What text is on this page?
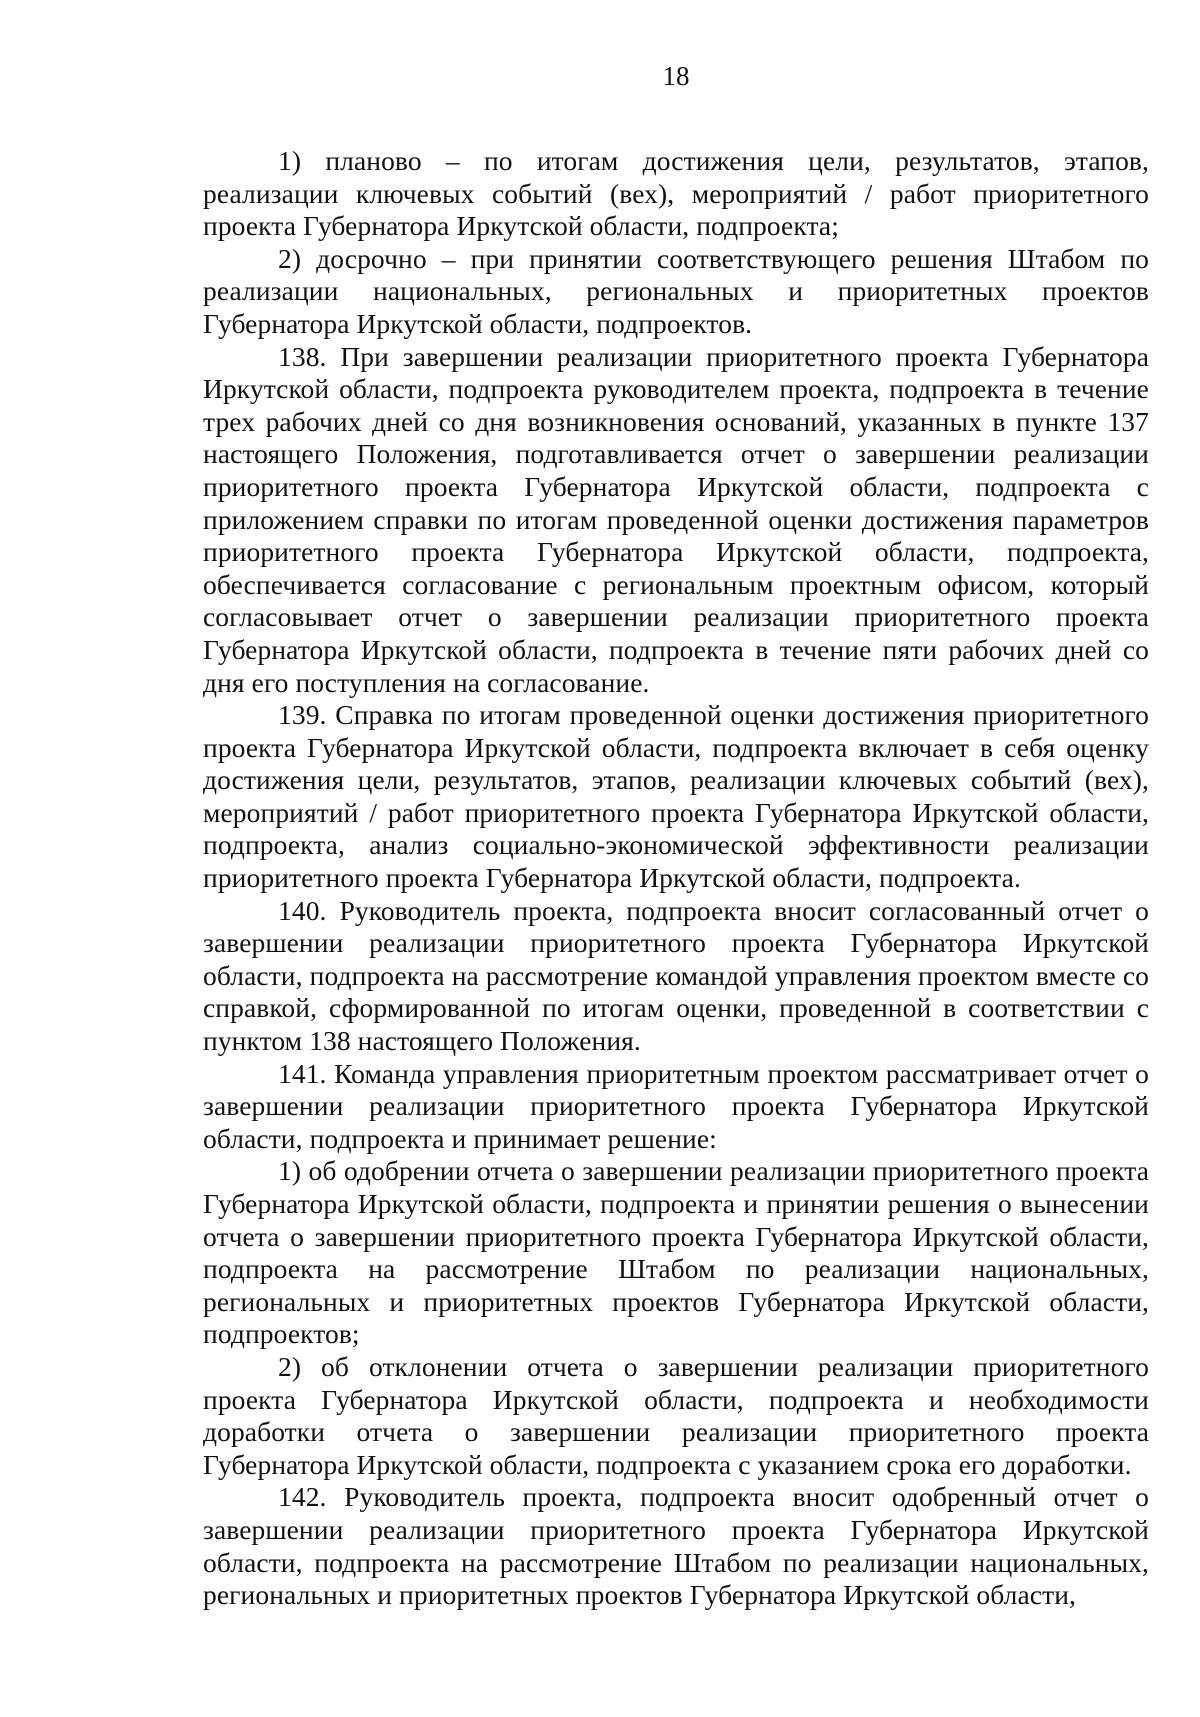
18

1) планово – по итогам достижения цели, результатов, этапов, реализации ключевых событий (вех), мероприятий / работ приоритетного проекта Губернатора Иркутской области, подпроекта;

2) досрочно – при принятии соответствующего решения Штабом по реализации национальных, региональных и приоритетных проектов Губернатора Иркутской области, подпроектов.

138. При завершении реализации приоритетного проекта Губернатора Иркутской области, подпроекта руководителем проекта, подпроекта в течение трех рабочих дней со дня возникновения оснований, указанных в пункте 137 настоящего Положения, подготавливается отчет о завершении реализации приоритетного проекта Губернатора Иркутской области, подпроекта с приложением справки по итогам проведенной оценки достижения параметров приоритетного проекта Губернатора Иркутской области, подпроекта, обеспечивается согласование с региональным проектным офисом, который согласовывает отчет о завершении реализации приоритетного проекта Губернатора Иркутской области, подпроекта в течение пяти рабочих дней со дня его поступления на согласование.

139. Справка по итогам проведенной оценки достижения приоритетного проекта Губернатора Иркутской области, подпроекта включает в себя оценку достижения цели, результатов, этапов, реализации ключевых событий (вех), мероприятий / работ приоритетного проекта Губернатора Иркутской области, подпроекта, анализ социально-экономической эффективности реализации приоритетного проекта Губернатора Иркутской области, подпроекта.

140. Руководитель проекта, подпроекта вносит согласованный отчет о завершении реализации приоритетного проекта Губернатора Иркутской области, подпроекта на рассмотрение командой управления проектом вместе со справкой, сформированной по итогам оценки, проведенной в соответствии с пунктом 138 настоящего Положения.

141. Команда управления приоритетным проектом рассматривает отчет о завершении реализации приоритетного проекта Губернатора Иркутской области, подпроекта и принимает решение:

1) об одобрении отчета о завершении реализации приоритетного проекта Губернатора Иркутской области, подпроекта и принятии решения о вынесении отчета о завершении приоритетного проекта Губернатора Иркутской области, подпроекта на рассмотрение Штабом по реализации национальных, региональных и приоритетных проектов Губернатора Иркутской области, подпроектов;

2) об отклонении отчета о завершении реализации приоритетного проекта Губернатора Иркутской области, подпроекта и необходимости доработки отчета о завершении реализации приоритетного проекта Губернатора Иркутской области, подпроекта с указанием срока его доработки.

142. Руководитель проекта, подпроекта вносит одобренный отчет о завершении реализации приоритетного проекта Губернатора Иркутской области, подпроекта на рассмотрение Штабом по реализации национальных, региональных и приоритетных проектов Губернатора Иркутской области,
